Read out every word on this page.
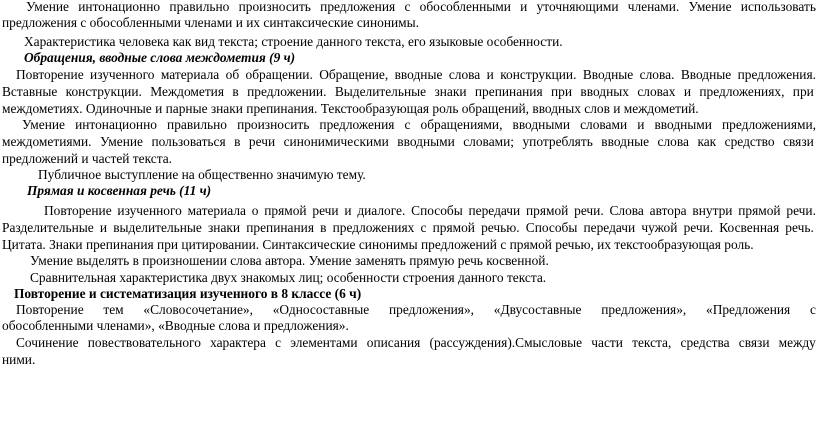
Умение интонационно правильно произносить предложения с обособленными и уточняющими членами. Умение использовать
предложения с обособленными членами и их синтаксические синонимы.
Характеристика человека как вид текста; строение данного текста, его языковые особенности.
Обращения, вводные слова междометия (9 ч)
Повторение изученного материала об обращении. Обращение, вводные слова и конструкции. Вводные слова. Вводные предложения.
Вставные конструкции. Междометия в предложении. Выделительные знаки препинания при вводных словах и предложениях, при
междометиях. Одиночные и парные знаки препинания. Текстообразующая роль обращений, вводных слов и междометий.
Умение интонационно правильно произносить предложения с обращениями, вводными словами и вводными предложениями,
междометиями. Умение пользоваться в речи синонимическими вводными словами; употреблять вводные слова как средство связи
предложений и частей текста.
Публичное выступление на общественно значимую тему.
Прямая и косвенная речь (11 ч)
Повторение изученного материала о прямой речи и диалоге. Способы передачи прямой речи. Слова автора внутри прямой речи.
Разделительные и выделительные знаки препинания в предложениях с прямой речью. Способы передачи чужой речи. Косвенная речь.
Цитата. Знаки препинания при цитировании. Синтаксические синонимы предложений с прямой речью, их текстообразующая роль.
Умение выделять в произношении слова автора. Умение заменять прямую речь косвенной.
Сравнительная характеристика двух знакомых лиц; особенности строения данного текста.
Повторение и систематизация изученного в 8 классе (6 ч)
Повторение тем «Словосочетание», «Односоставные предложения», «Двусоставные предложения», «Предложения с
обособленными членами», «Вводные слова и предложения».
Сочинение повествовательного характера с элементами описания (рассуждения).Смысловые части текста, средства связи между
ними.
